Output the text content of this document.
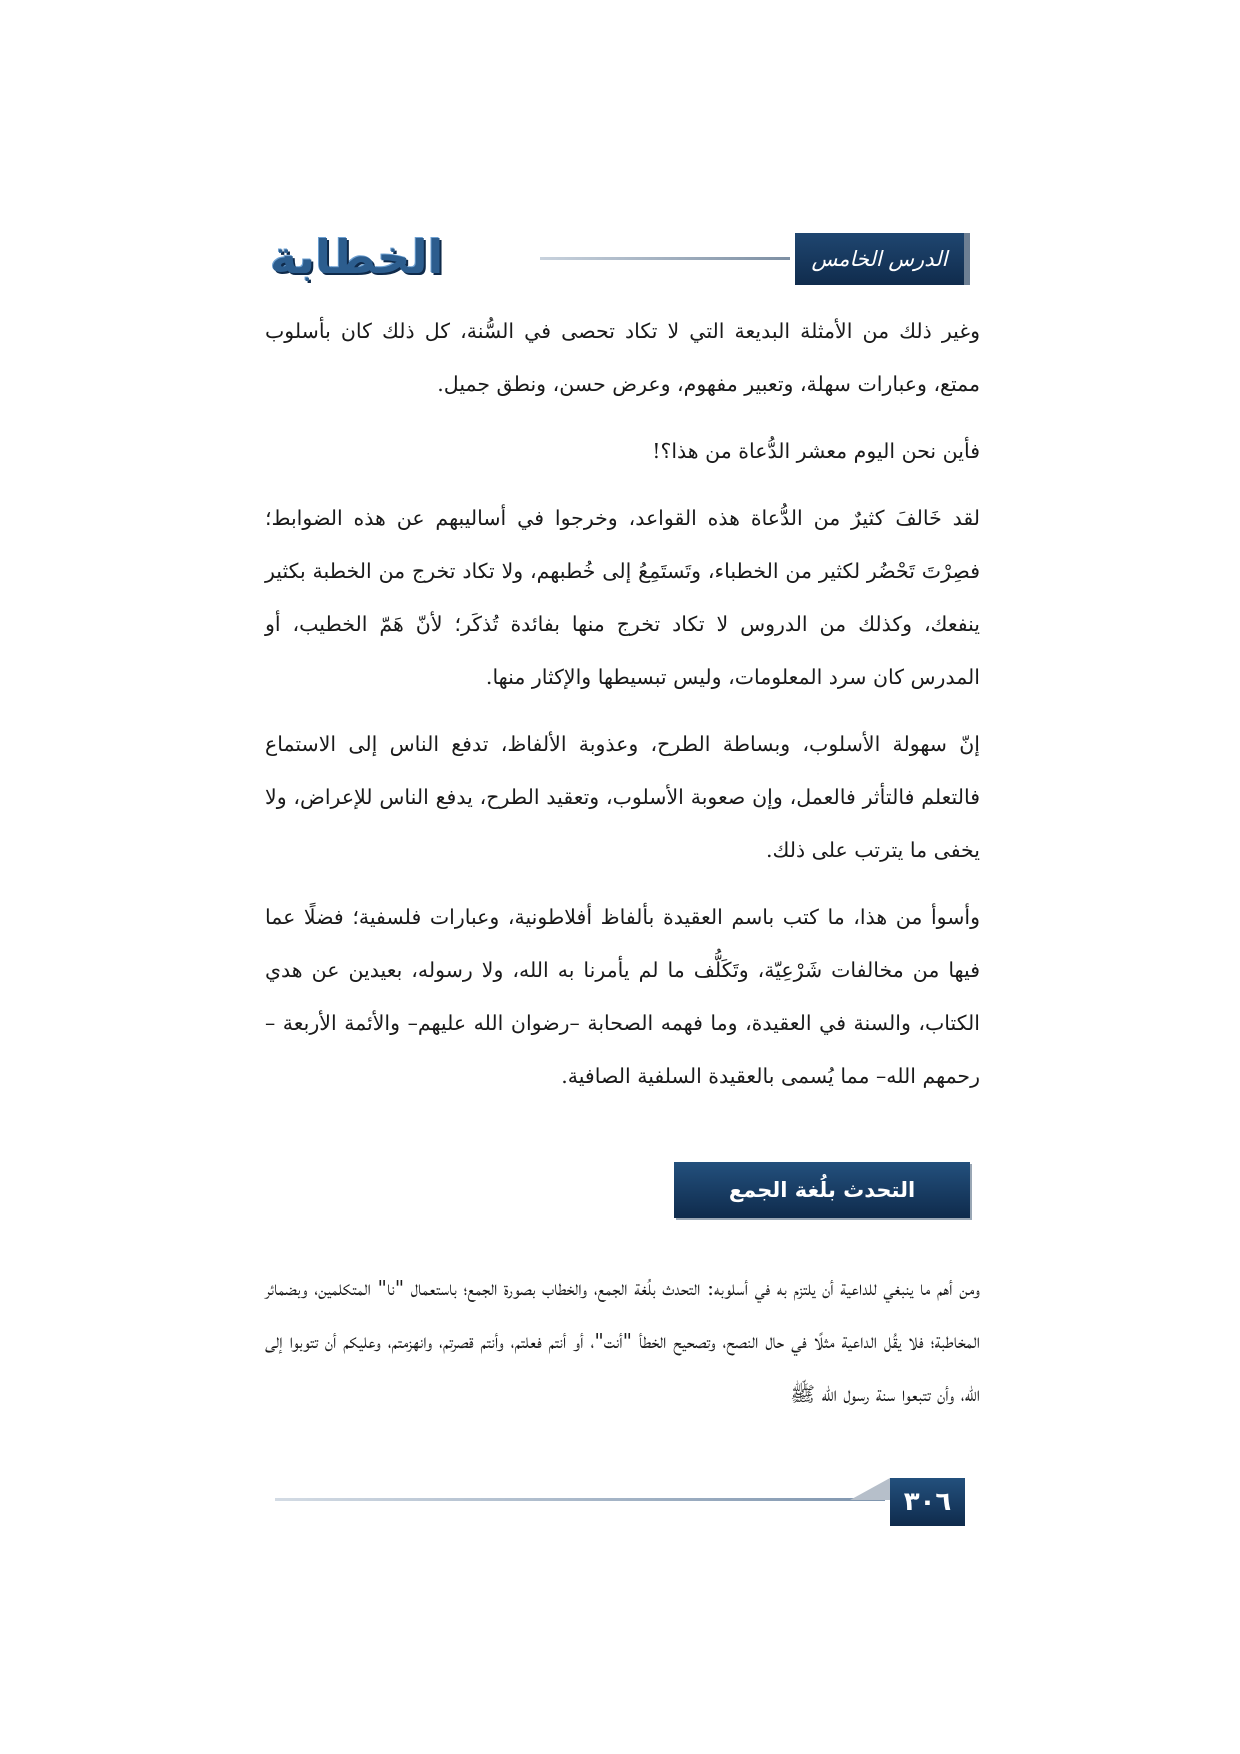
الخطابة	الدرس الخامس عشر

وغير ذلك من الأمثلة البديعة التي لا تكاد تحصى في السُّنة، كل ذلك كان بأسلوب ممتع، وعبارات سهلة، وتعبير مفهوم، وعرض حسن، ونطق جميل.

فأين نحن اليوم معشر الدُّعاة من هذا؟!

لقد خَالفَ كثيرٌ من الدُّعاة هذه القواعد، وخرجوا في أساليبهم عن هذه الضوابط؛ فصِرْتَ تَحْضُر لكثير من الخطباء، وتَستَمِعُ إلى خُطبهم، ولا تكاد تخرج من الخطبة بكثير ينفعك، وكذلك من الدروس لا تكاد تخرج منها بفائدة تُذكَر؛ لأنّ هَمّ الخطيب، أو المدرس كان سرد المعلومات، وليس تبسيطها والإكثار منها.

إنّ سهولة الأسلوب، وبساطة الطرح، وعذوبة الألفاظ، تدفع الناس إلى الاستماع فالتعلم فالتأثر فالعمل، وإن صعوبة الأسلوب، وتعقيد الطرح، يدفع الناس للإعراض، ولا يخفى ما يترتب على ذلك.

وأسوأ من هذا، ما كتب باسم العقيدة بألفاظ أفلاطونية، وعبارات فلسفية؛ فضلًا عما فيها من مخالفات شَرْعِيّة، وتَكَلُّف ما لم يأمرنا به الله، ولا رسوله، بعيدين عن هدي الكتاب، والسنة في العقيدة، وما فهمه الصحابة –رضوان الله عليهم– والأئمة الأربعة –رحمهم الله– مما يُسمى بالعقيدة السلفية الصافية.

التحدث بلُغة الجمع

ومن أهم ما ينبغي للداعية أن يلتزم به في أسلوبه: التحدث بلُغة الجمع، والخطاب بصورة الجمع؛ باستعمال "نا" المتكلمين، وبضمائر المخاطبة؛ فلا يقُل الداعية مثلًا في حال النصح، وتصحيح الخطأ "أنت"، أو أنتم فعلتم، وأنتم قصرتم، وانهزمتم، وعليكم أن تتوبوا إلى الله، وأن تتبعوا سنة رسول الله ﷺ

٣٠٦
